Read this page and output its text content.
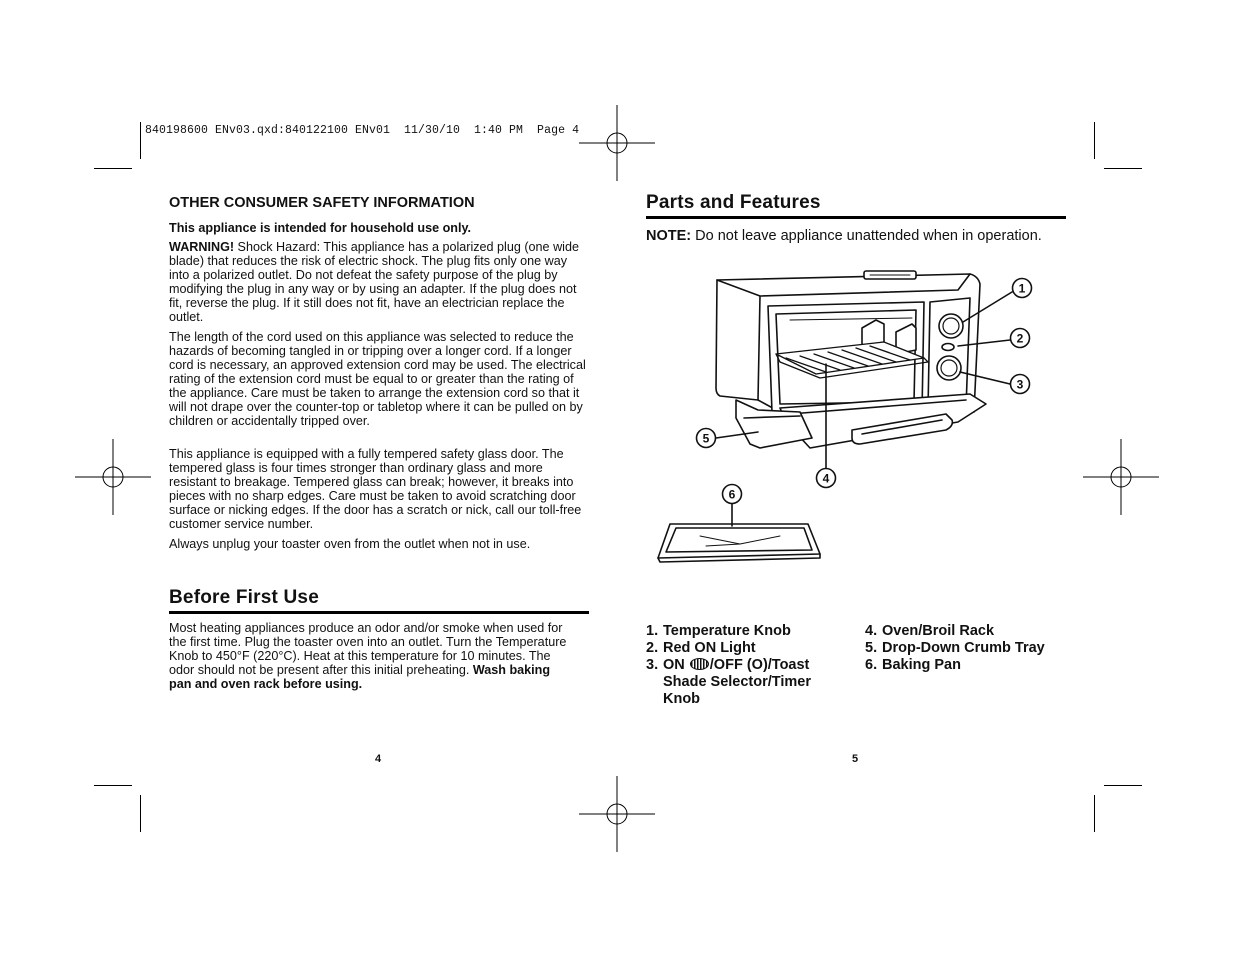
840198600 ENv03.qxd:840122100 ENv01  11/30/10  1:40 PM  Page 4
OTHER CONSUMER SAFETY INFORMATION

This appliance is intended for household use only.

WARNING! Shock Hazard: This appliance has a polarized plug (one wide blade) that reduces the risk of electric shock. The plug fits only one way into a polarized outlet. Do not defeat the safety purpose of the plug by modifying the plug in any way or by using an adapter. If the plug does not fit, reverse the plug. If it still does not fit, have an electrician replace the outlet.

The length of the cord used on this appliance was selected to reduce the hazards of becoming tangled in or tripping over a longer cord. If a longer cord is necessary, an approved extension cord may be used. The electrical rating of the extension cord must be equal to or greater than the rating of the appliance. Care must be taken to arrange the extension cord so that it will not drape over the counter-top or tabletop where it can be pulled on by children or accidentally tripped over.

This appliance is equipped with a fully tempered safety glass door. The tempered glass is four times stronger than ordinary glass and more resistant to breakage. Tempered glass can break; however, it breaks into pieces with no sharp edges. Care must be taken to avoid scratching door surface or nicking edges. If the door has a scratch or nick, call our toll-free customer service number.

Always unplug your toaster oven from the outlet when not in use.

Before First Use

Most heating appliances produce an odor and/or smoke when used for the first time. Plug the toaster oven into an outlet. Turn the Temperature Knob to 450°F (220°C). Heat at this temperature for 10 minutes. The odor should not be present after this initial preheating. Wash baking pan and oven rack before using.

4
Parts and Features
NOTE: Do not leave appliance unattended when in operation.
1
2
3
4
5
6
1. Temperature Knob
2. Red ON Light
3. ON /OFF (O)/Toast Shade Selector/Timer Knob
4. Oven/Broil Rack
5. Drop-Down Crumb Tray
6. Baking Pan
5
